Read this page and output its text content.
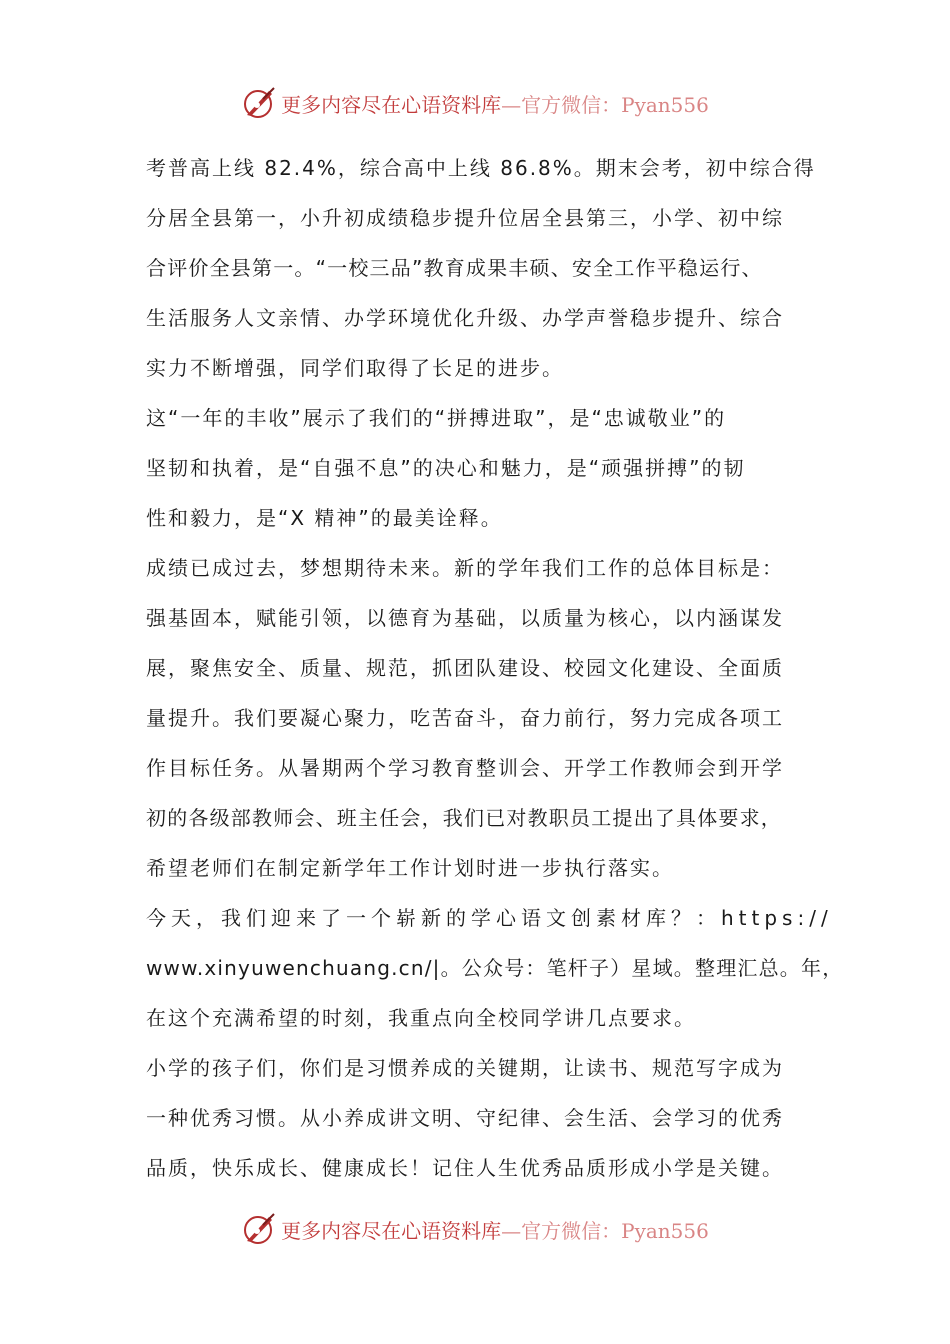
更多内容尽在心语资料库—官方微信：Pyan556
考普高上线 82.4%，综合高中上线 86.8%。期末会考，初中综合得
分居全县第一，小升初成绩稳步提升位居全县第三，小学、初中综
合评价全县第一。“一校三品”教育成果丰硕、安全工作平稳运行、
生活服务人文亲情、办学环境优化升级、办学声誉稳步提升、综合
实力不断增强，同学们取得了长足的进步。
这“一年的丰收”展示了我们的“拼搏进取”，是“忠诚敬业”的
坚韧和执着，是“自强不息”的决心和魅力，是“顽强拼搏”的韧
性和毅力，是“X 精神”的最美诠释。
成绩已成过去，梦想期待未来。新的学年我们工作的总体目标是：
强基固本，赋能引领，以德育为基础，以质量为核心，以内涵谋发
展，聚焦安全、质量、规范，抓团队建设、校园文化建设、全面质
量提升。我们要凝心聚力，吃苦奋斗，奋力前行，努力完成各项工
作目标任务。从暑期两个学习教育整训会、开学工作教师会到开学
初的各级部教师会、班主任会，我们已对教职员工提出了具体要求，
希望老师们在制定新学年工作计划时进一步执行落实。
今天，我们迎来了一个崭新的学心语文创素材库？：https://
www.xinyuwenchuang.cn/|。公众号：笔杆子）星域。整理汇总。年，
在这个充满希望的时刻，我重点向全校同学讲几点要求。
小学的孩子们，你们是习惯养成的关键期，让读书、规范写字成为
一种优秀习惯。从小养成讲文明、守纪律、会生活、会学习的优秀
品质，快乐成长、健康成长！记住人生优秀品质形成小学是关键。
更多内容尽在心语资料库—官方微信：Pyan556
